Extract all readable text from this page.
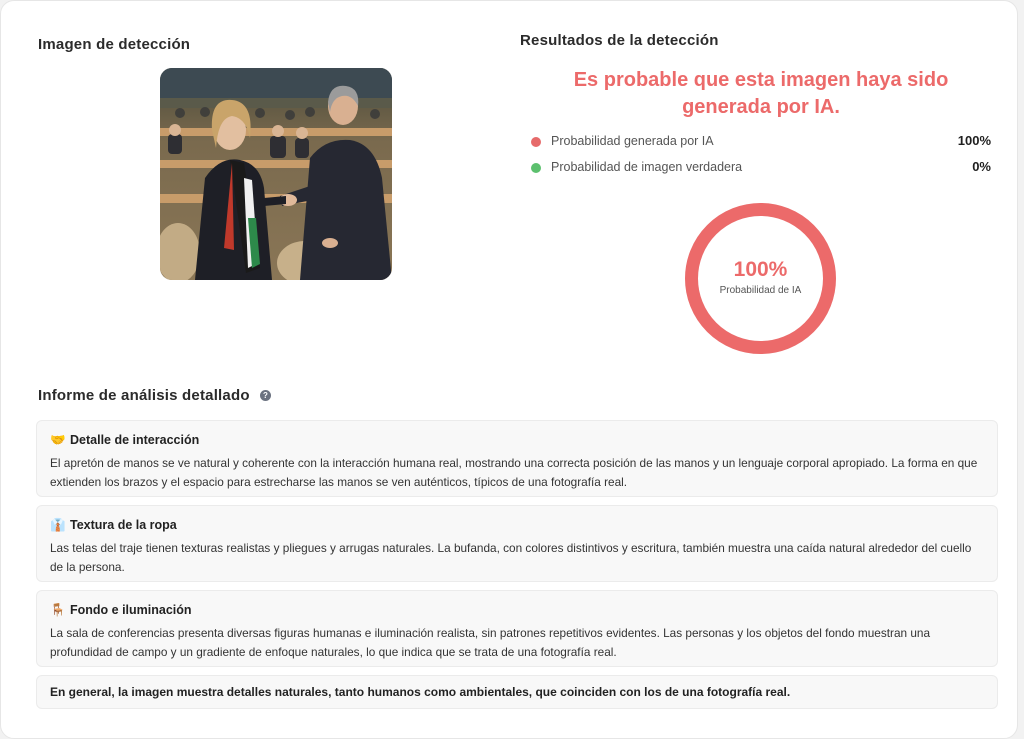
Imagen de detección	Resultados de la detección
Es probable que esta imagen haya sido
generada por IA.
Probabilidad generada por IA	100%
Probabilidad de imagen verdadera	0%
100%
Probabilidad de IA
Informe de análisis detallado	?
🤝 Detalle de interacción
El apretón de manos se ve natural y coherente con la interacción humana real, mostrando una correcta posición de las manos y un lenguaje corporal apropiado. La forma en que extienden los brazos y el espacio para estrecharse las manos se ven auténticos, típicos de una fotografía real.
👔 Textura de la ropa
Las telas del traje tienen texturas realistas y pliegues y arrugas naturales. La bufanda, con colores distintivos y escritura, también muestra una caída natural alrededor del cuello de la persona.
🪑 Fondo e iluminación
La sala de conferencias presenta diversas figuras humanas e iluminación realista, sin patrones repetitivos evidentes. Las personas y los objetos del fondo muestran una profundidad de campo y un gradiente de enfoque naturales, lo que indica que se trata de una fotografía real.
En general, la imagen muestra detalles naturales, tanto humanos como ambientales, que coinciden con los de una fotografía real.
